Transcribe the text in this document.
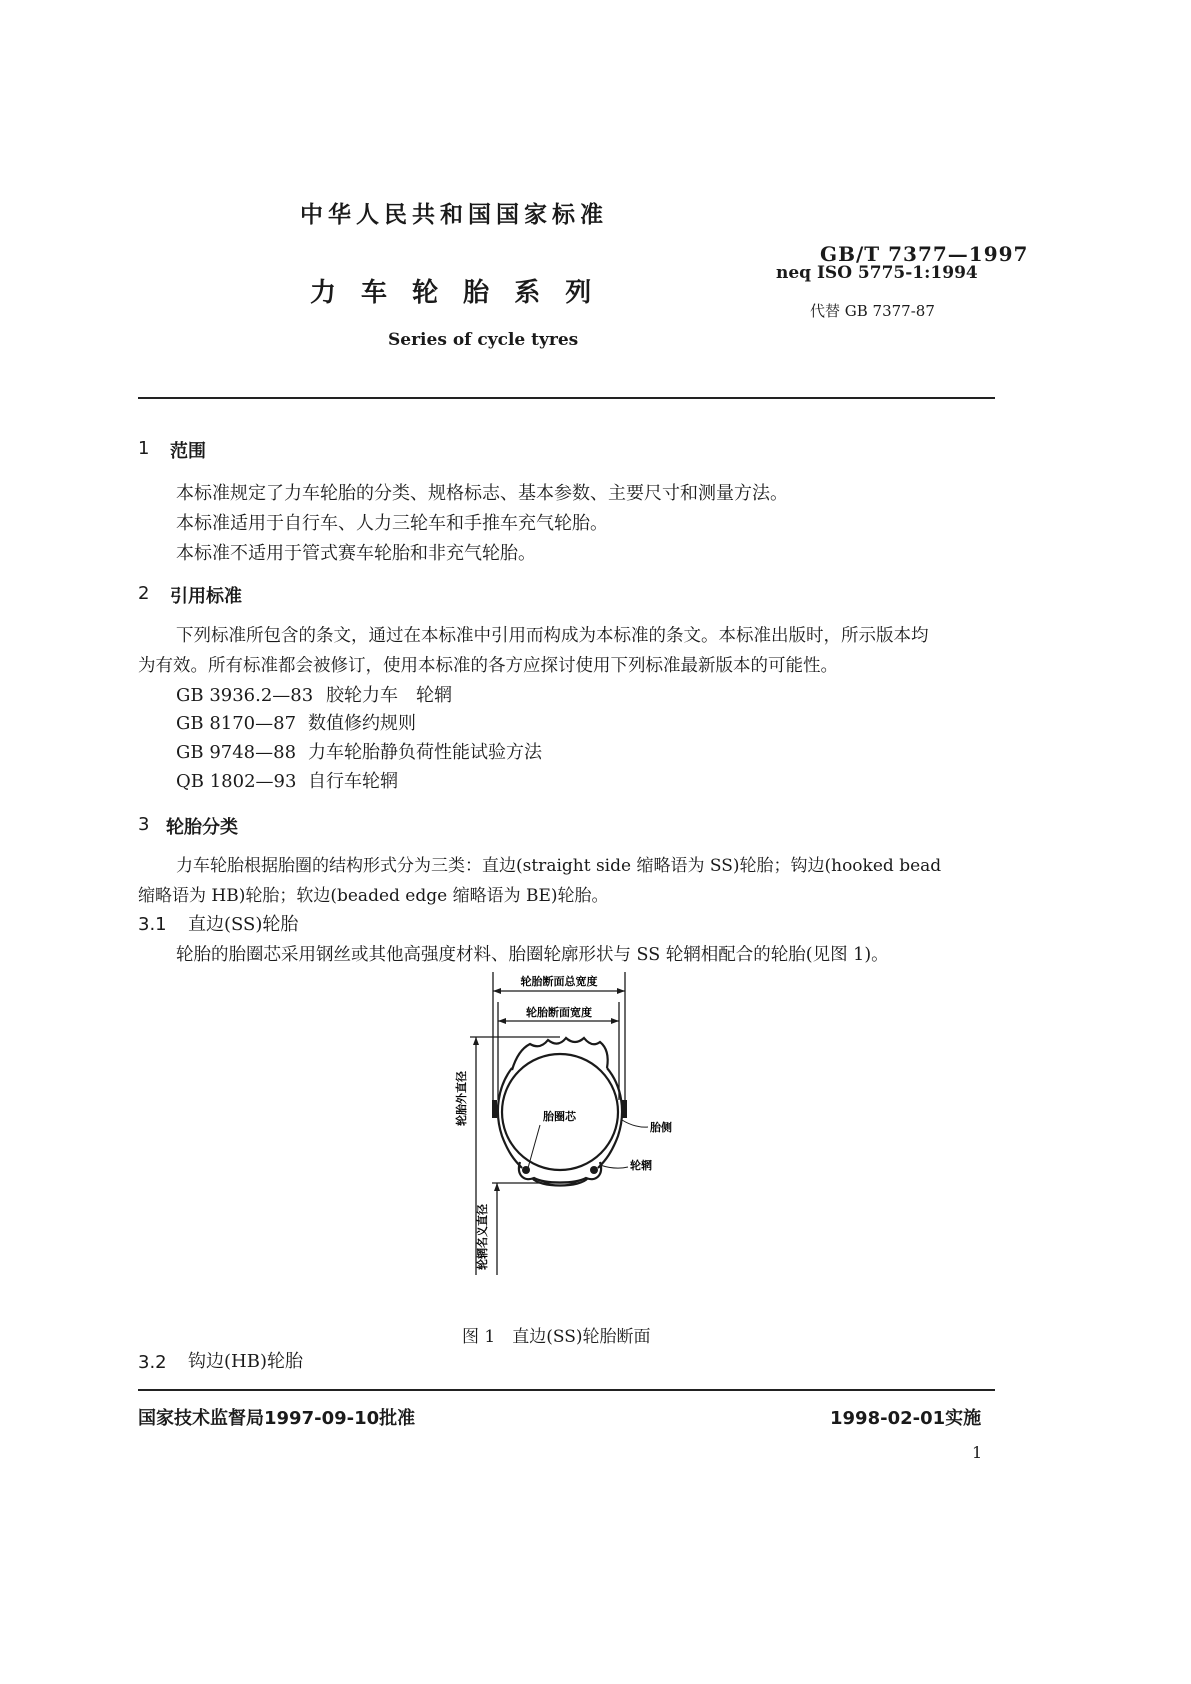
中华人民共和国国家标准
力 车 轮 胎 系 列
Series of cycle tyres
GB/T 7377—1997
neq ISO 5775-1:1994
代替 GB 7377-87
1 范围
本标准规定了力车轮胎的分类、规格标志、基本参数、主要尺寸和测量方法。
本标准适用于自行车、人力三轮车和手推车充气轮胎。
本标准不适用于管式赛车轮胎和非充气轮胎。
2 引用标准
下列标准所包含的条文，通过在本标准中引用而构成为本标准的条文。本标准出版时，所示版本均
为有效。所有标准都会被修订，使用本标准的各方应探讨使用下列标准最新版本的可能性。
GB 3936.2—83 胶轮力车　轮辋
GB 8170—87 数值修约规则
GB 9748—88 力车轮胎静负荷性能试验方法
QB 1802—93 自行车轮辋
3 轮胎分类
力车轮胎根据胎圈的结构形式分为三类：直边(straight side 缩略语为 SS)轮胎；钩边(hooked bead
缩略语为 HB)轮胎；软边(beaded edge 缩略语为 BE)轮胎。
3.1 直边(SS)轮胎
轮胎的胎圈芯采用钢丝或其他高强度材料、胎圈轮廓形状与 SS 轮辋相配合的轮胎(见图 1)。
轮胎断面总宽度
轮胎断面宽度
轮胎外直径	胎圈芯
胎侧
轮辋
轮辋名义直径
图 1　直边(SS)轮胎断面
3.2 钩边(HB)轮胎
国家技术监督局1997-09-10批准	1998-02-01实施
1
